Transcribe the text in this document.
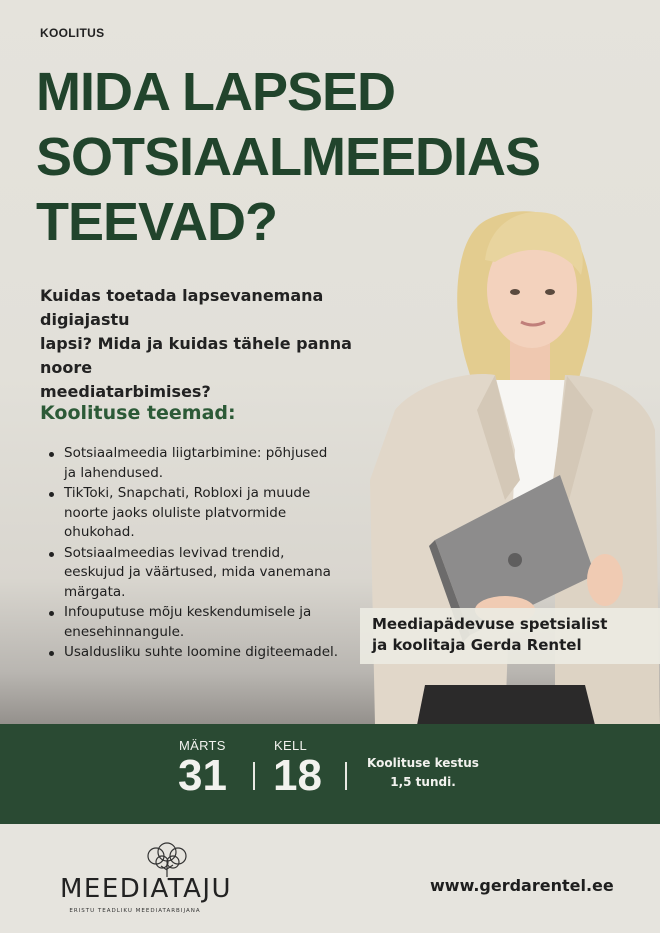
KOOLITUS
MIDA LAPSED
SOTSIAALMEEDIAS
TEEVAD?
Kuidas toetada lapsevanemana digiajastu
lapsi? Mida ja kuidas tähele panna noore
meediatarbimises?
Koolituse teemad:
Sotsiaalmeedia liigtarbimine: põhjused
ja lahendused.
TikToki, Snapchati, Robloxi ja muude
noorte jaoks oluliste platvormide
ohukohad.
Sotsiaalmeedias levivad trendid,
eeskujud ja väärtused, mida vanemana
märgata.
Infouputuse mõju keskendumisele ja
enesehinnangule.
Usaldusliku suhte loomine digiteemadel.
Meediapädevuse spetsialist
ja koolitaja Gerda Rentel
MÄRTS
31
KELL
18	Koolituse kestus
1,5 tundi.
MEEDIATAJU
ERISTU TEADLIKU MEEDIATARBIJANA
www.gerdarentel.ee
